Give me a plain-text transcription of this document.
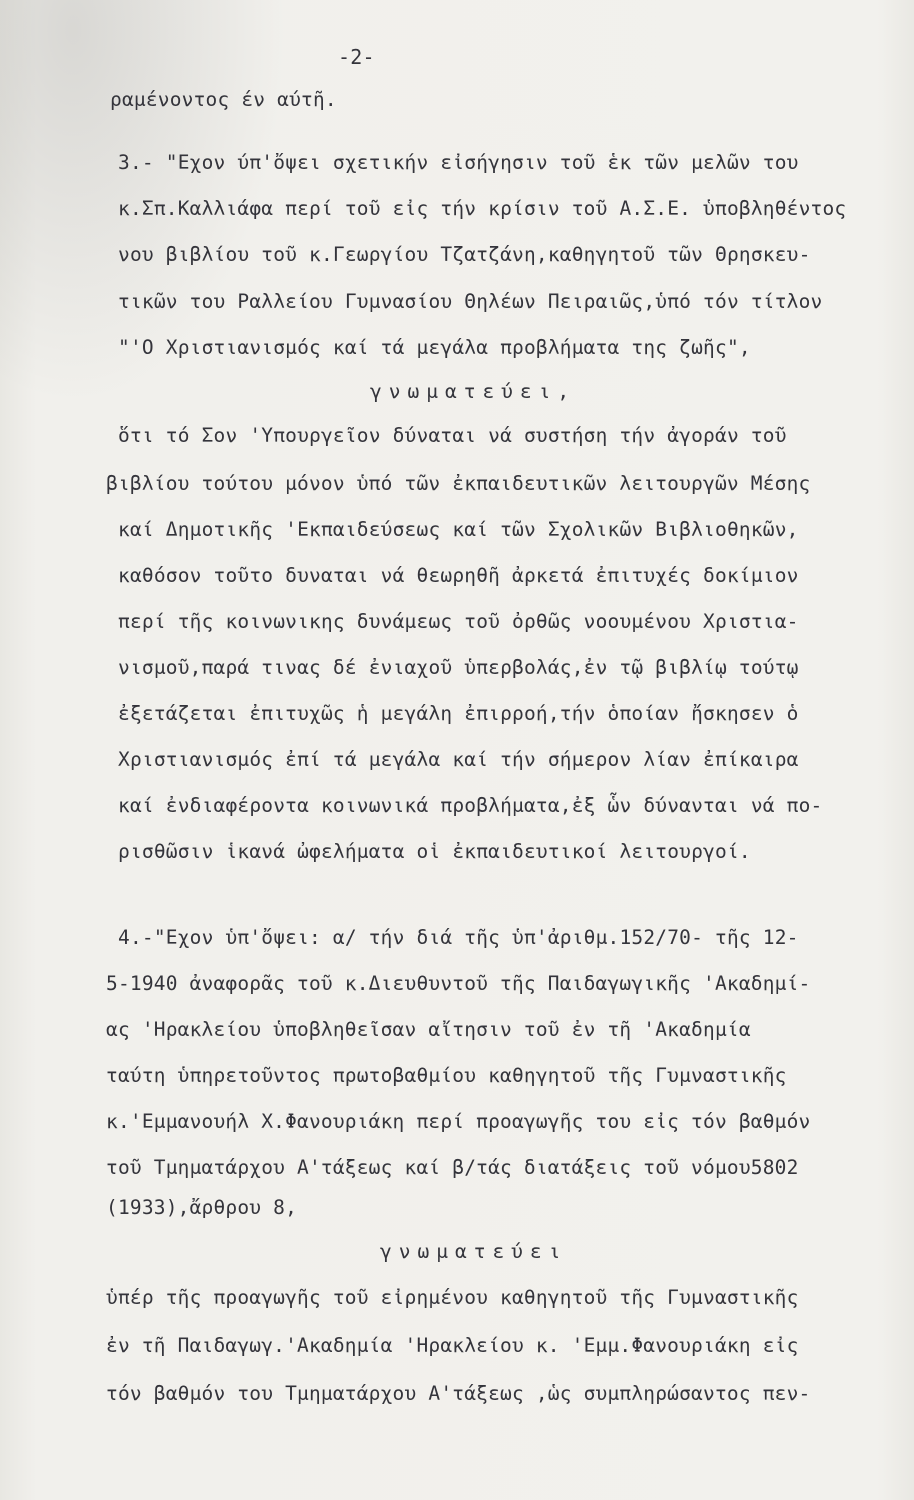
-2-
ραμένοντος έν αύτῆ.
3.- "Εχον ύπ'ὄψει σχετικήν εἰσήγησιν τοῦ ἑκ τῶν μελῶν του
κ.Σπ.Καλλιάφα περί τοῦ εἰς τήν κρίσιν τοῦ Α.Σ.Ε. ὑποβληθέντος
νου βιβλίου τοῦ κ.Γεωργίου Τζατζάνη,καθηγητοῦ τῶν Θρησκευ-
τικῶν του Ραλλείου Γυμνασίου Θηλέων Πειραιῶς,ὑπό τόν τίτλον
"'Ο Χριστιανισμός καί τά μεγάλα προβλήματα της ζωῆς",
γνωματεύει,
ὅτι τό Σον 'Υπουργεῖον δύναται νά συστήση τήν ἀγοράν τοῦ
βιβλίου τούτου μόνον ὑπό τῶν ἐκπαιδευτικῶν λειτουργῶν Μέσης
καί Δημοτικῆς 'Εκπαιδεύσεως καί τῶν Σχολικῶν Βιβλιοθηκῶν,
καθόσον τοῦτο δυναται νά θεωρηθῆ ἀρκετά ἐπιτυχές δοκίμιον
περί τῆς κοινωνικης δυνάμεως τοῦ ὀρθῶς νοουμένου Χριστια-
νισμοῦ,παρά τινας δέ ἐνιαχοῦ ὑπερβολάς,ἐν τῷ βιβλίῳ τούτῳ
ἐξετάζεται ἐπιτυχῶς ἡ μεγάλη ἐπιρροή,τήν ὁποίαν ἤσκησεν ὁ
Χριστιανισμός ἐπί τά μεγάλα καί τήν σήμερον λίαν ἐπίκαιρα
καί ἐνδιαφέροντα κοινωνικά προβλήματα,ἐξ ὧν δύνανται νά πο-
ρισθῶσιν ἱκανά ὠφελήματα οἱ ἐκπαιδευτικοί λειτουργοί.
4.-"Εχον ὑπ'ὄψει: α/ τήν διά τῆς ὑπ'ἀριθμ.152/70- τῆς 12-
5-1940 ἀναφορᾶς τοῦ κ.Διευθυντοῦ τῆς Παιδαγωγικῆς 'Ακαδημί-
ας 'Ηρακλείου ὑποβληθεῖσαν αἴτησιν τοῦ ἐν τῆ 'Ακαδημία
ταύτη ὑπηρετοῦντος πρωτοβαθμίου καθηγητοῦ τῆς Γυμναστικῆς
κ.'Εμμανουήλ Χ.Φανουριάκη περί προαγωγῆς του εἰς τόν βαθμόν
τοῦ Τμηματάρχου Α'τάξεως καί β/τάς διατάξεις τοῦ νόμου5802
(1933),ἄρθρου 8,
γνωματεύει
ὑπέρ τῆς προαγωγῆς τοῦ εἰρημένου καθηγητοῦ τῆς Γυμναστικῆς
ἐν τῆ Παιδαγωγ.'Ακαδημία 'Ηρακλείου κ. 'Εμμ.Φανουριάκη εἰς
τόν βαθμόν του Τμηματάρχου Α'τάξεως ,ὡς συμπληρώσαντος πεν-
